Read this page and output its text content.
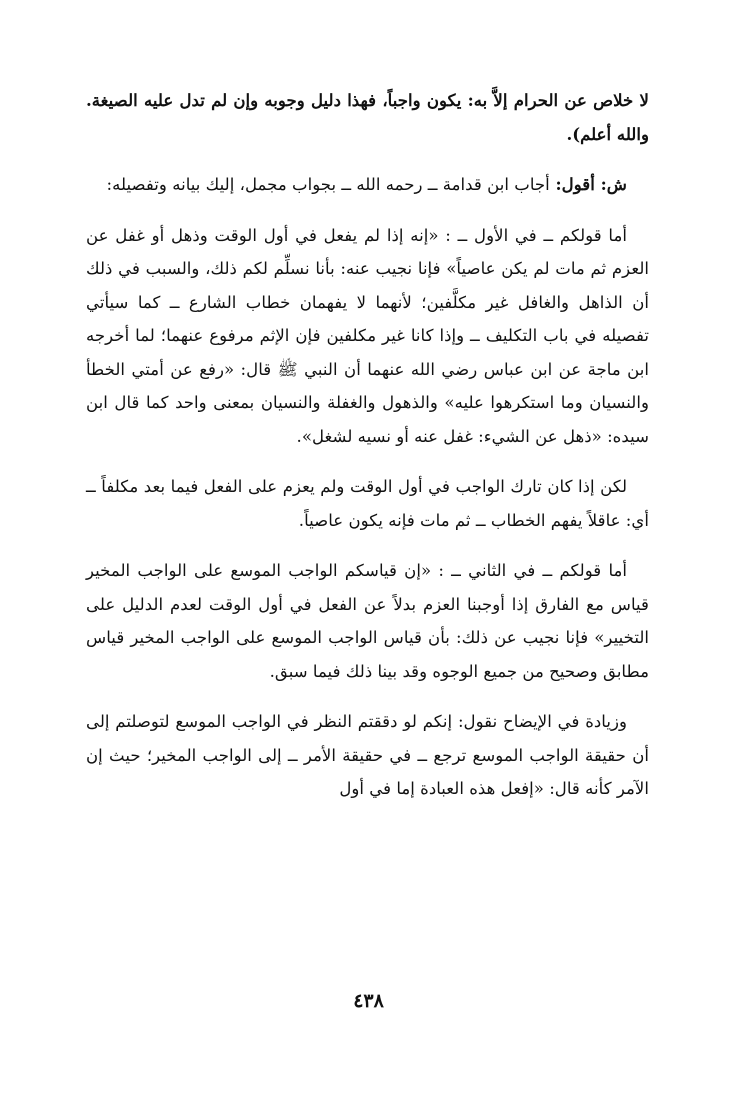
لا خلاص عن الحرام إلاَّ به: يكون واجباً، فهذا دليل وجوبه وإن لم تدل عليه الصيغة. والله أعلم).

ش: أقول: أجاب ابن قدامة ــ رحمه الله ــ بجواب مجمل، إليك بيانه وتفصيله:

أما قولكم ــ في الأول ــ : «إنه إذا لم يفعل في أول الوقت وذهل أو غفل عن العزم ثم مات لم يكن عاصياً» فإنا نجيب عنه: بأنا نسلِّم لكم ذلك، والسبب في ذلك أن الذاهل والغافل غير مكلَّفين؛ لأنهما لا يفهمان خطاب الشارع ــ كما سيأتي تفصيله في باب التكليف ــ وإذا كانا غير مكلفين فإن الإثم مرفوع عنهما؛ لما أخرجه ابن ماجة عن ابن عباس رضي الله عنهما أن النبي ﷺ قال: «رفع عن أمتي الخطأ والنسيان وما استكرهوا عليه» والذهول والغفلة والنسيان بمعنى واحد كما قال ابن سيده: «ذهل عن الشيء: غفل عنه أو نسيه لشغل».

لكن إذا كان تارك الواجب في أول الوقت ولم يعزم على الفعل فيما بعد مكلفاً ــ أي: عاقلاً يفهم الخطاب ــ ثم مات فإنه يكون عاصياً.

أما قولكم ــ في الثاني ــ : «إن قياسكم الواجب الموسع على الواجب المخير قياس مع الفارق إذا أوجبنا العزم بدلاً عن الفعل في أول الوقت لعدم الدليل على التخيير» فإنا نجيب عن ذلك: بأن قياس الواجب الموسع على الواجب المخير قياس مطابق وصحيح من جميع الوجوه وقد بينا ذلك فيما سبق.

وزيادة في الإيضاح نقول: إنكم لو دققتم النظر في الواجب الموسع لتوصلتم إلى أن حقيقة الواجب الموسع ترجع ــ في حقيقة الأمر ــ إلى الواجب المخير؛ حيث إن الآمر كأنه قال: «إفعل هذه العبادة إما في أول

٤٣٨
